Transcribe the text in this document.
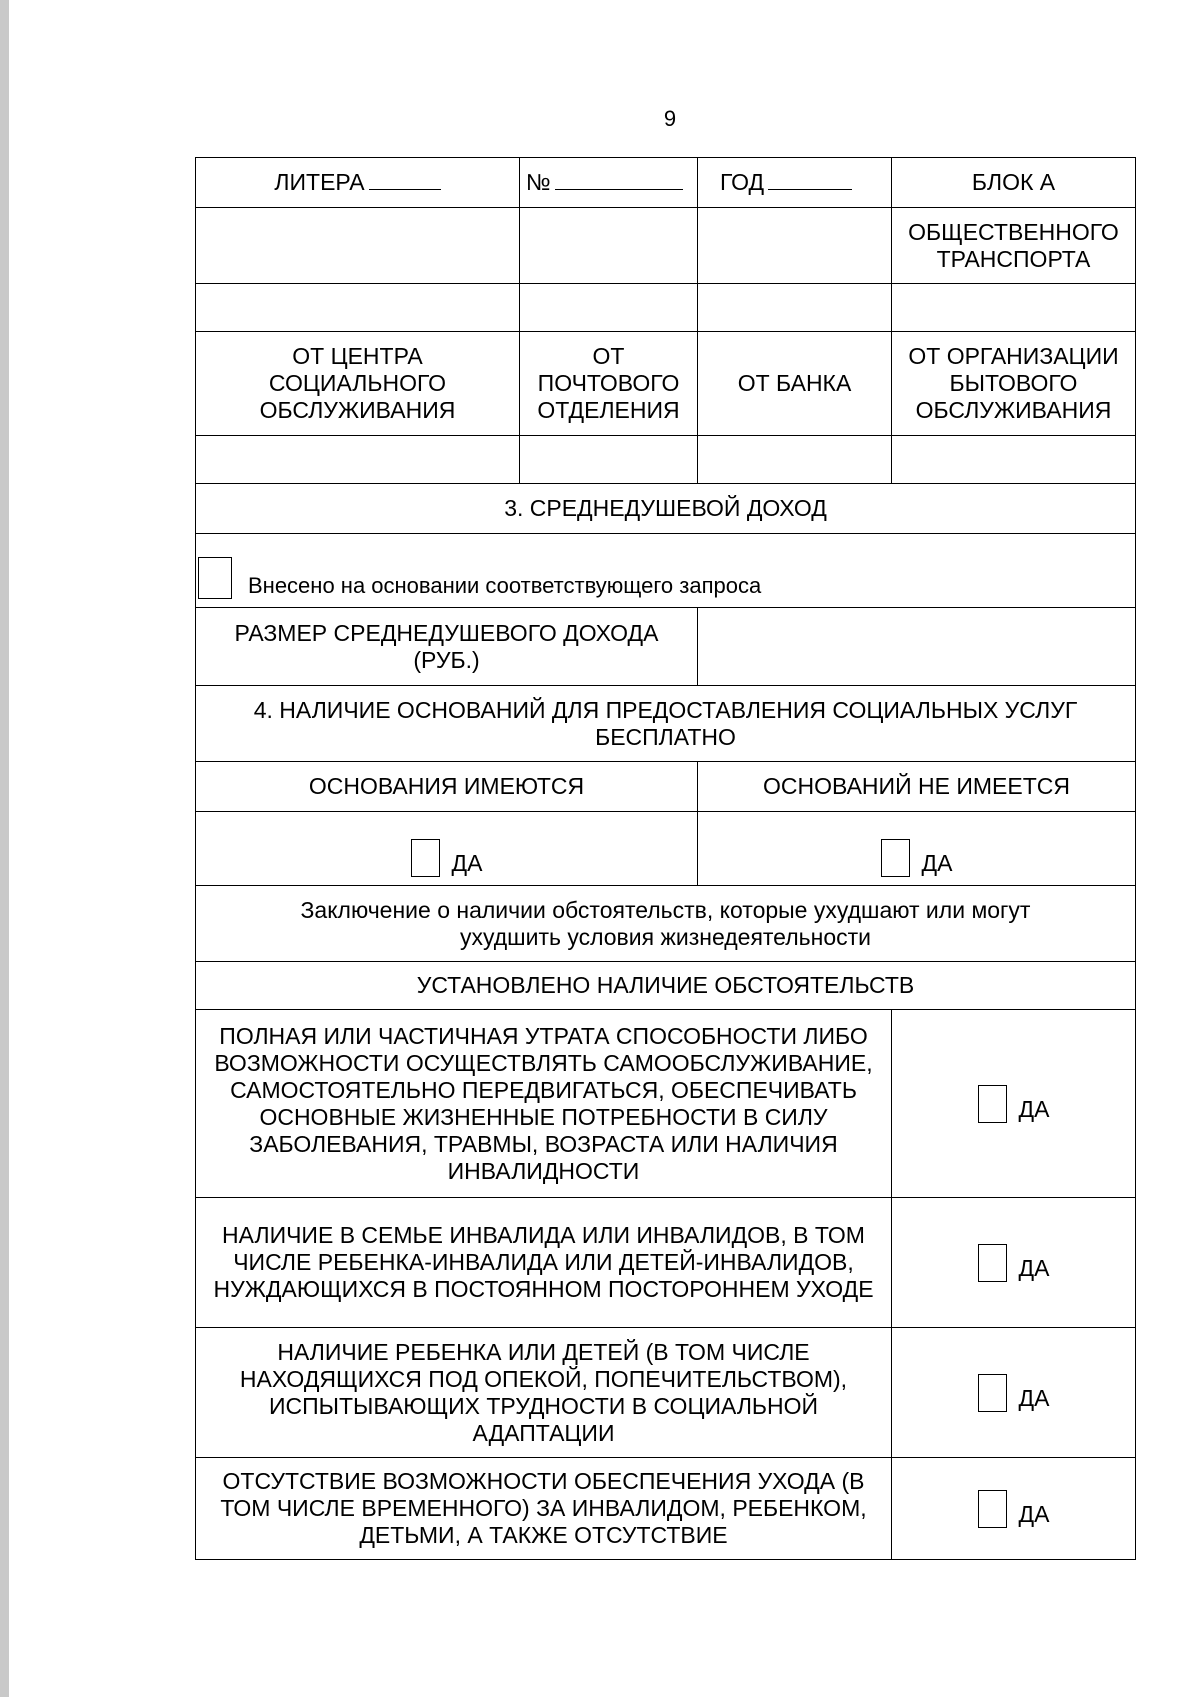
9
ЛИТЕРА	№	ГОД	БЛОК А
			ОБЩЕСТВЕННОГО ТРАНСПОРТА

ОТ ЦЕНТРА СОЦИАЛЬНОГО ОБСЛУЖИВАНИЯ	ОТ ПОЧТОВОГО ОТДЕЛЕНИЯ	ОТ БАНКА	ОТ ОРГАНИЗАЦИИ БЫТОВОГО ОБСЛУЖИВАНИЯ

3. СРЕДНЕДУШЕВОЙ ДОХОД			
Внесено на основании соответствующего запроса			
РАЗМЕР СРЕДНЕДУШЕВОГО ДОХОДА (РУБ.)			
4. НАЛИЧИЕ ОСНОВАНИЙ ДЛЯ ПРЕДОСТАВЛЕНИЯ СОЦИАЛЬНЫХ УСЛУГ БЕСПЛАТНО			
ОСНОВАНИЯ ИМЕЮТСЯ		ОСНОВАНИЙ НЕ ИМЕЕТСЯ	
ДА		ДА	
Заключение о наличии обстоятельств, которые ухудшают или могут ухудшить условия жизнедеятельности			
УСТАНОВЛЕНО НАЛИЧИЕ ОБСТОЯТЕЛЬСТВ			
ПОЛНАЯ ИЛИ ЧАСТИЧНАЯ УТРАТА СПОСОБНОСТИ ЛИБО ВОЗМОЖНОСТИ ОСУЩЕСТВЛЯТЬ САМООБСЛУЖИВАНИЕ, САМОСТОЯТЕЛЬНО ПЕРЕДВИГАТЬСЯ, ОБЕСПЕЧИВАТЬ ОСНОВНЫЕ ЖИЗНЕННЫЕ ПОТРЕБНОСТИ В СИЛУ ЗАБОЛЕВАНИЯ, ТРАВМЫ, ВОЗРАСТА ИЛИ НАЛИЧИЯ ИНВАЛИДНОСТИ			ДА
НАЛИЧИЕ В СЕМЬЕ ИНВАЛИДА ИЛИ ИНВАЛИДОВ, В ТОМ ЧИСЛЕ РЕБЕНКА-ИНВАЛИДА ИЛИ ДЕТЕЙ-ИНВАЛИДОВ, НУЖДАЮЩИХСЯ В ПОСТОЯННОМ ПОСТОРОННЕМ УХОДЕ			ДА
НАЛИЧИЕ РЕБЕНКА ИЛИ ДЕТЕЙ (В ТОМ ЧИСЛЕ НАХОДЯЩИХСЯ ПОД ОПЕКОЙ, ПОПЕЧИТЕЛЬСТВОМ), ИСПЫТЫВАЮЩИХ ТРУДНОСТИ В СОЦИАЛЬНОЙ АДАПТАЦИИ			ДА
ОТСУТСТВИЕ ВОЗМОЖНОСТИ ОБЕСПЕЧЕНИЯ УХОДА (В ТОМ ЧИСЛЕ ВРЕМЕННОГО) ЗА ИНВАЛИДОМ, РЕБЕНКОМ, ДЕТЬМИ, А ТАКЖЕ ОТСУТСТВИЕ			ДА
